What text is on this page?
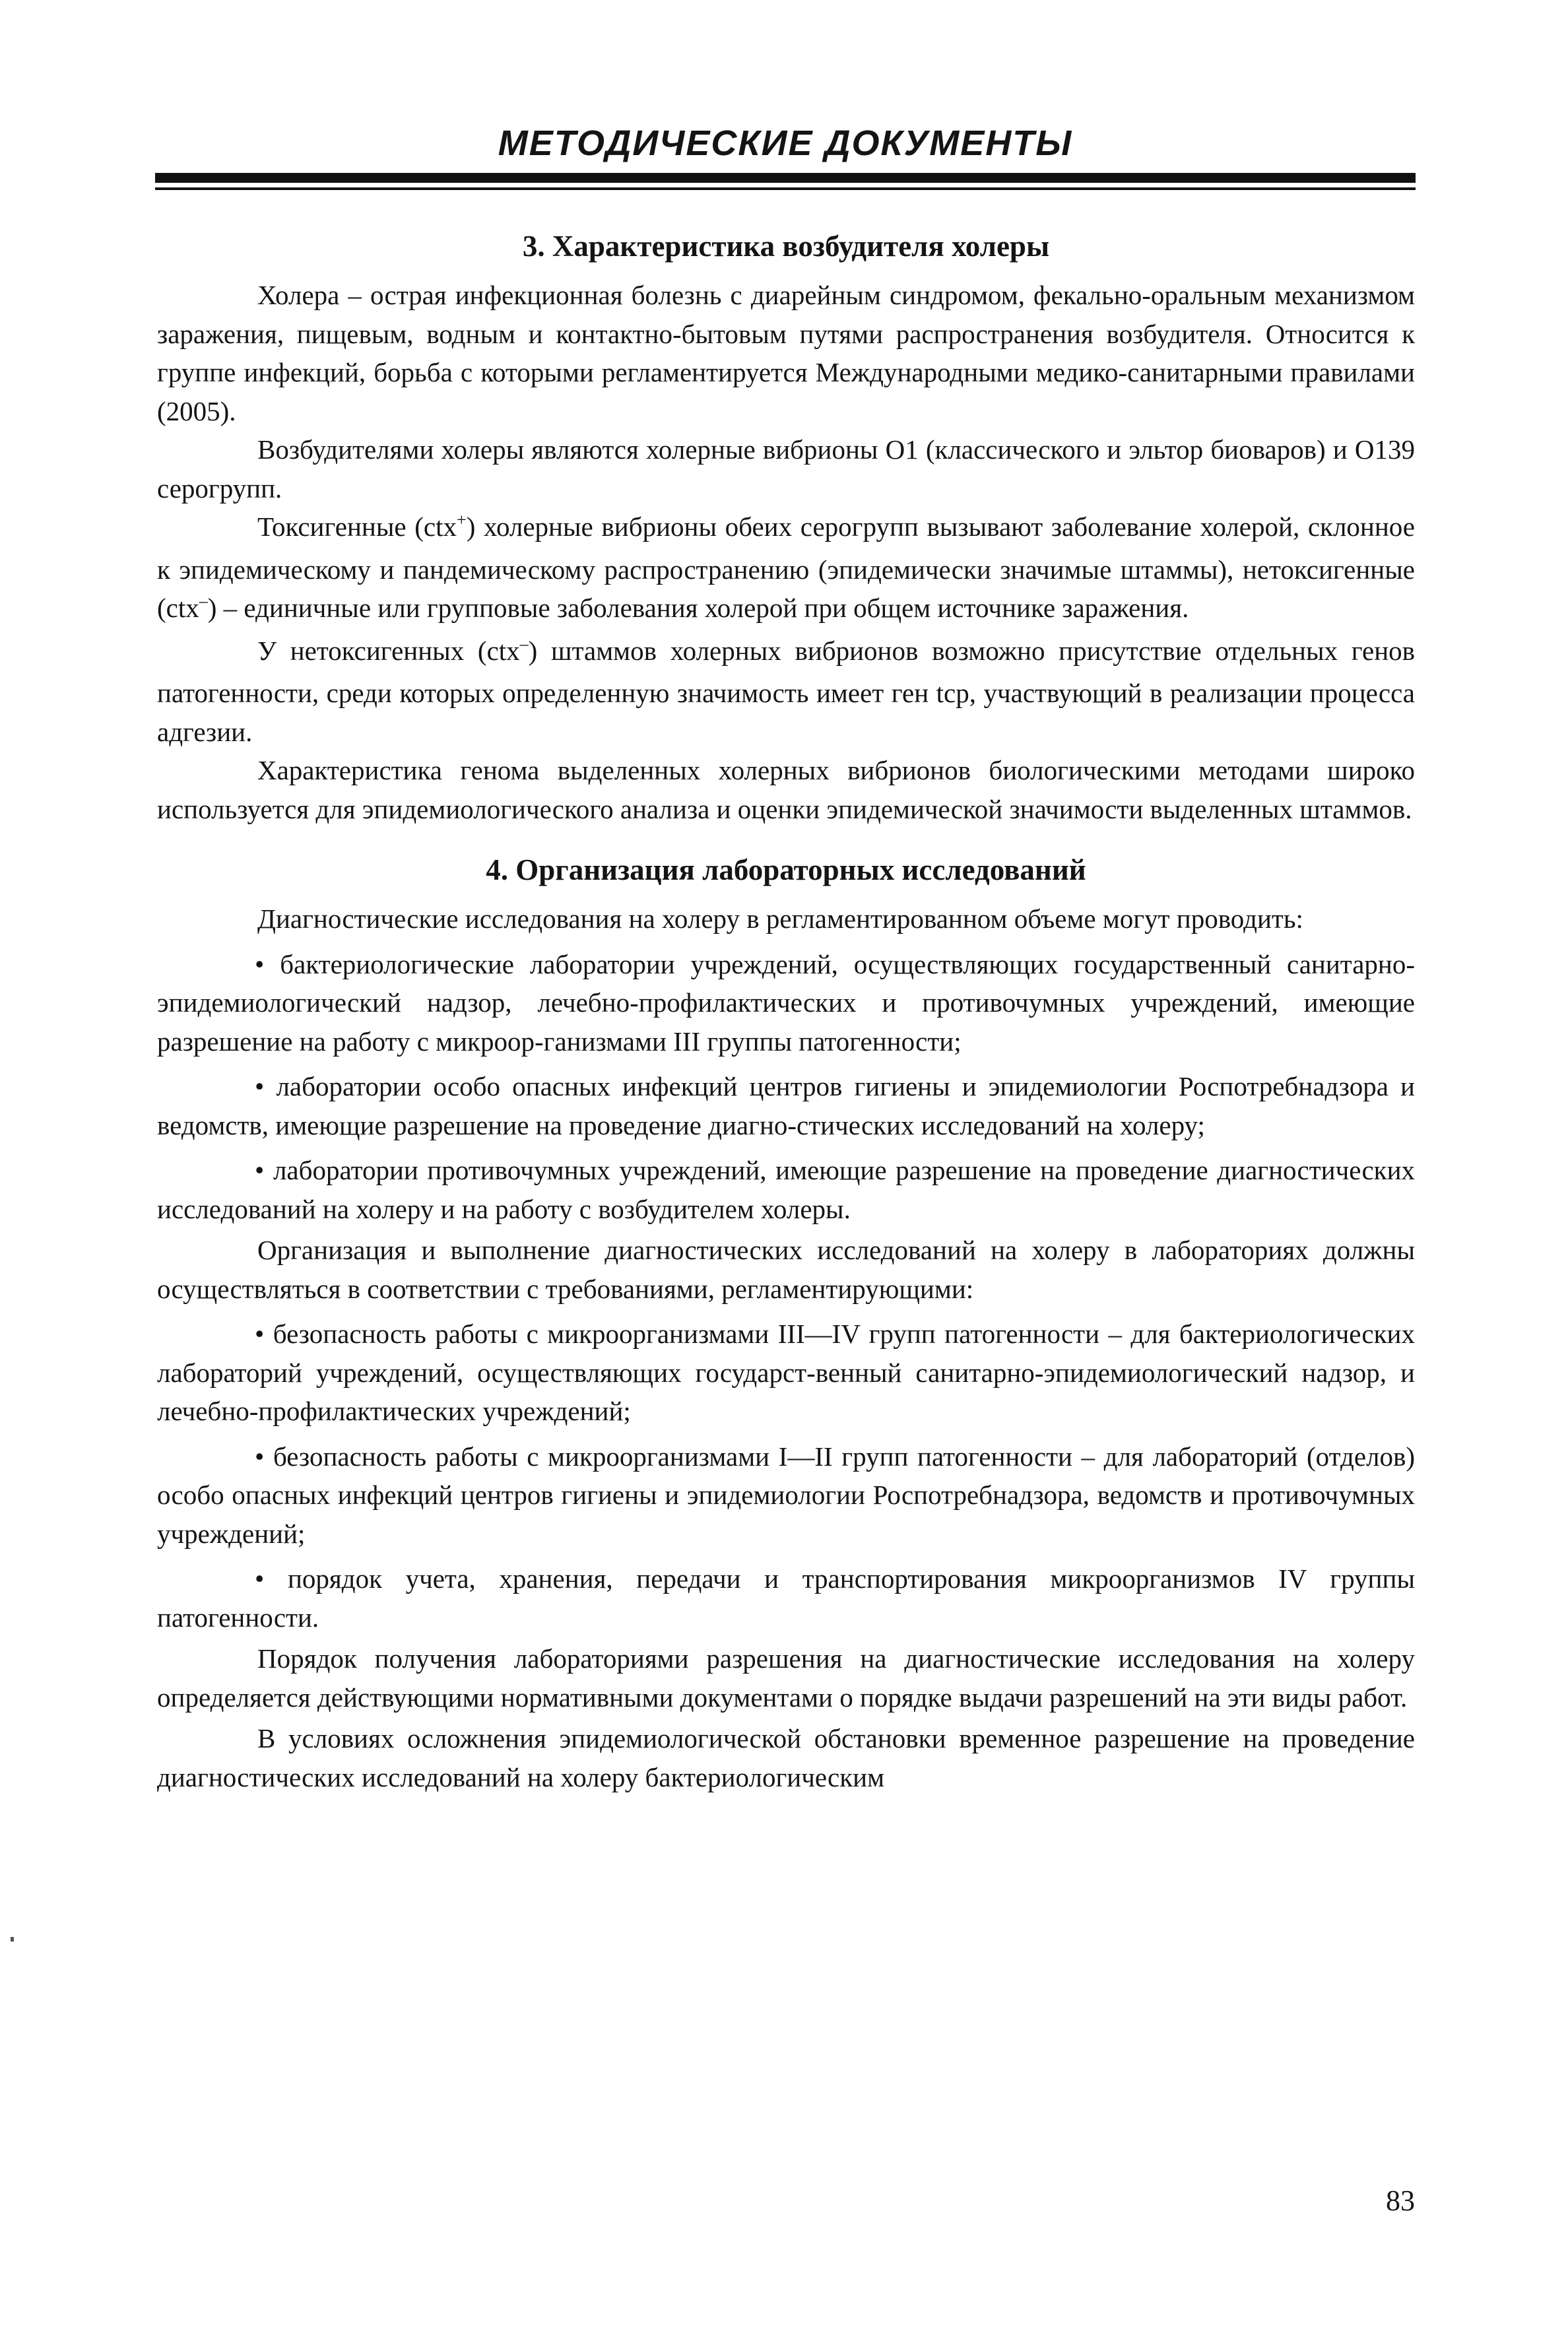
МЕТОДИЧЕСКИЕ ДОКУМЕНТЫ
3. Характеристика возбудителя холеры

Холера – острая инфекционная болезнь с диарейным синдромом, фекально-оральным механизмом заражения, пищевым, водным и контактно-бытовым путями распространения возбудителя. Относится к группе инфекций, борьба с которыми регламентируется Международными медико-санитарными правилами (2005).

Возбудителями холеры являются холерные вибрионы О1 (классического и эльтор биоваров) и О139 серогрупп.

Токсигенные (ctx+) холерные вибрионы обеих серогрупп вызывают заболевание холерой, склонное к эпидемическому и пандемическому распространению (эпидемически значимые штаммы), нетоксигенные (ctx–) – единичные или групповые заболевания холерой при общем источнике заражения.

У нетоксигенных (ctx–) штаммов холерных вибрионов возможно присутствие отдельных генов патогенности, среди которых определенную значимость имеет ген tcp, участвующий в реализации процесса адгезии.

Характеристика генома выделенных холерных вибрионов биологическими методами широко используется для эпидемиологического анализа и оценки эпидемической значимости выделенных штаммов.

4. Организация лабораторных исследований

Диагностические исследования на холеру в регламентированном объеме могут проводить:

• бактериологические лаборатории учреждений, осуществляющих государственный санитарно-эпидемиологический надзор, лечебно-профилактических и противочумных учреждений, имеющие разрешение на работу с микроор-ганизмами III группы патогенности;

• лаборатории особо опасных инфекций центров гигиены и эпидемиологии Роспотребнадзора и ведомств, имеющие разрешение на проведение диагно-стических исследований на холеру;

• лаборатории противочумных учреждений, имеющие разрешение на проведение диагностических исследований на холеру и на работу с возбудителем холеры.

Организация и выполнение диагностических исследований на холеру в лабораториях должны осуществляться в соответствии с требованиями, регламентирующими:

• безопасность работы с микроорганизмами III—IV групп патогенности – для бактериологических лабораторий учреждений, осуществляющих государст-венный санитарно-эпидемиологический надзор, и лечебно-профилактических учреждений;

• безопасность работы с микроорганизмами I—II групп патогенности – для лабораторий (отделов) особо опасных инфекций центров гигиены и эпидемиологии Роспотребнадзора, ведомств и противочумных учреждений;

• порядок учета, хранения, передачи и транспортирования микроорганизмов IV группы патогенности.

Порядок получения лабораториями разрешения на диагностические исследования на холеру определяется действующими нормативными документами о порядке выдачи разрешений на эти виды работ.

В условиях осложнения эпидемиологической обстановки временное разрешение на проведение диагностических исследований на холеру бактериологическим

83
